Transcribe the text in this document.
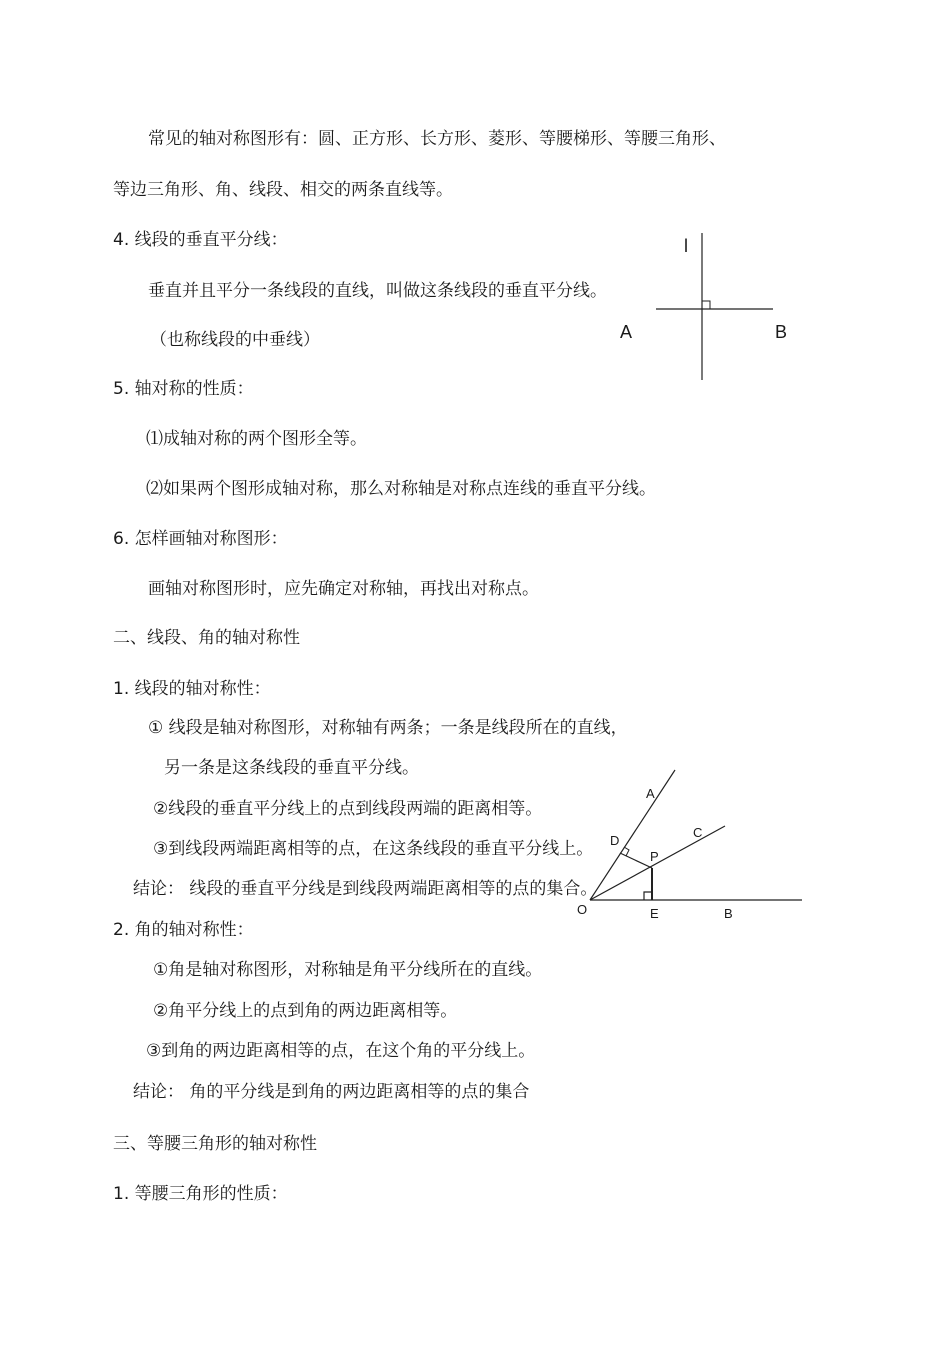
常见的轴对称图形有：圆、正方形、长方形、菱形、等腰梯形、等腰三角形、
等边三角形、角、线段、相交的两条直线等。
4. 线段的垂直平分线：
垂直并且平分一条线段的直线，叫做这条线段的垂直平分线。
（也称线段的中垂线）
5. 轴对称的性质：
⑴成轴对称的两个图形全等。
⑵如果两个图形成轴对称，那么对称轴是对称点连线的垂直平分线。
6. 怎样画轴对称图形：
画轴对称图形时，应先确定对称轴，再找出对称点。
二、线段、角的轴对称性
1. 线段的轴对称性：
① 线段是轴对称图形，对称轴有两条；一条是线段所在的直线，
另一条是这条线段的垂直平分线。
②线段的垂直平分线上的点到线段两端的距离相等。
③到线段两端距离相等的点，在这条线段的垂直平分线上。
结论： 线段的垂直平分线是到线段两端距离相等的点的集合。
2. 角的轴对称性：
①角是轴对称图形，对称轴是角平分线所在的直线。
②角平分线上的点到角的两边距离相等。
③到角的两边距离相等的点，在这个角的平分线上。
结论： 角的平分线是到角的两边距离相等的点的集合
三、等腰三角形的轴对称性
1. 等腰三角形的性质：
l
A	B
A
C
D
P
O	E	B
